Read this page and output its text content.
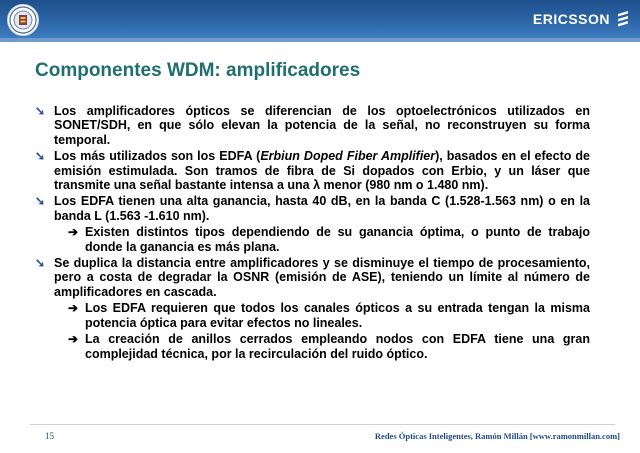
ERICSSON
Componentes WDM: amplificadores
➘ Los amplificadores ópticos se diferencian de los optoelectrónicos utilizados en SONET/SDH, en que sólo elevan la potencia de la señal, no reconstruyen su forma temporal.
➘ Los más utilizados son los EDFA (Erbiun Doped Fiber Amplifier), basados en el efecto de emisión estimulada. Son tramos de fibra de Si dopados con Erbio, y un láser que transmite una señal bastante intensa a una λ menor (980 nm o 1.480 nm).
➘ Los EDFA tienen una alta ganancia, hasta 40 dB, en la banda C (1.528-1.563 nm) o en la banda L (1.563 -1.610 nm).
➔ Existen distintos tipos dependiendo de su ganancia óptima, o punto de trabajo donde la ganancia es más plana.
➘ Se duplica la distancia entre amplificadores y se disminuye el tiempo de procesamiento, pero a costa de degradar la OSNR (emisión de ASE), teniendo un límite al número de amplificadores en cascada.
➔ Los EDFA requieren que todos los canales ópticos a su entrada tengan la misma potencia óptica para evitar efectos no lineales.
➔ La creación de anillos cerrados empleando nodos con EDFA tiene una gran complejidad técnica, por la recirculación del ruido óptico.
15	Redes Ópticas Inteligentes, Ramón Millán [www.ramonmillan.com]
